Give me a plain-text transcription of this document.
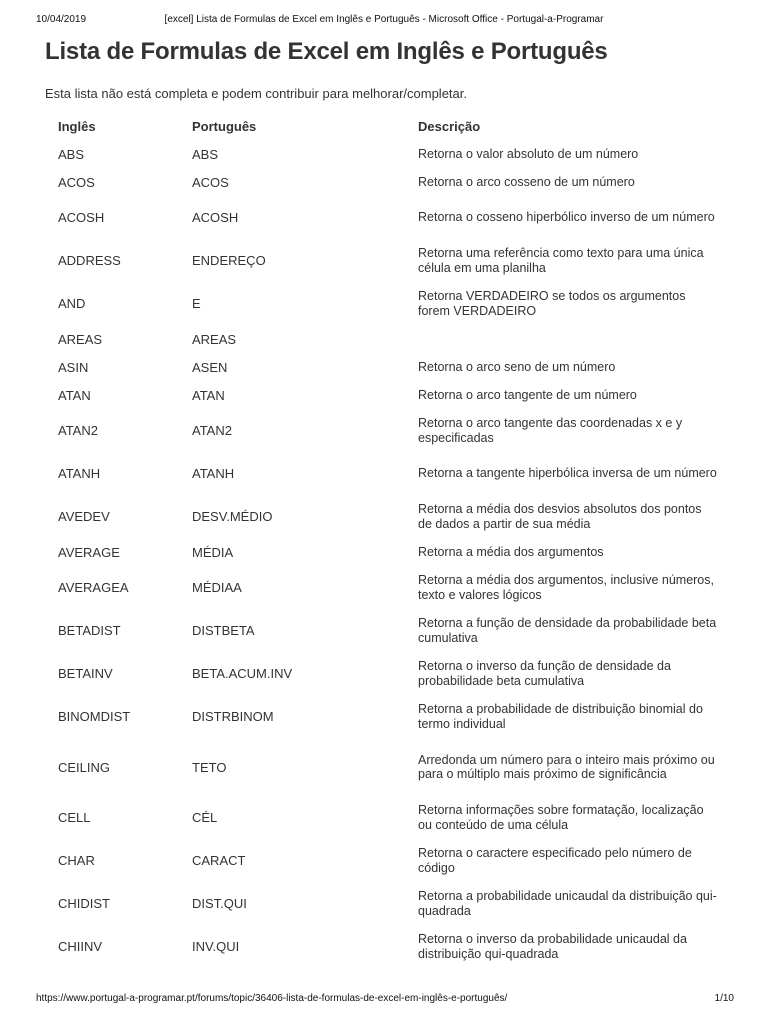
10/04/2019	[excel] Lista de Formulas de Excel em Inglês e Português - Microsoft Office - Portugal-a-Programar
Lista de Formulas de Excel em Inglês e Português
Esta lista não está completa e podem contribuir para melhorar/completar.
Inglês	Português	Descrição
ABS	ABS	Retorna o valor absoluto de um número
ACOS	ACOS	Retorna o arco cosseno de um número
ACOSH	ACOSH	Retorna o cosseno hiperbólico inverso de um número
ADDRESS	ENDEREÇO	Retorna uma referência como texto para uma única célula em uma planilha
AND	E	Retorna VERDADEIRO se todos os argumentos forem VERDADEIRO
AREAS	AREAS	
ASIN	ASEN	Retorna o arco seno de um número
ATAN	ATAN	Retorna o arco tangente de um número
ATAN2	ATAN2	Retorna o arco tangente das coordenadas x e y especificadas
ATANH	ATANH	Retorna a tangente hiperbólica inversa de um número
AVEDEV	DESV.MÉDIO	Retorna a média dos desvios absolutos dos pontos de dados a partir de sua média
AVERAGE	MÉDIA	Retorna a média dos argumentos
AVERAGEA	MÉDIAA	Retorna a média dos argumentos, inclusive números, texto e valores lógicos
BETADIST	DISTBETA	Retorna a função de densidade da probabilidade beta cumulativa
BETAINV	BETA.ACUM.INV	Retorna o inverso da função de densidade da probabilidade beta cumulativa
BINOMDIST	DISTRBINOM	Retorna a probabilidade de distribuição binomial do termo individual
CEILING	TETO	Arredonda um número para o inteiro mais próximo ou para o múltiplo mais próximo de significância
CELL	CÉL	Retorna informações sobre formatação, localização ou conteúdo de uma célula
CHAR	CARACT	Retorna o caractere especificado pelo número de código
CHIDIST	DIST.QUI	Retorna a probabilidade unicaudal da distribuição qui-quadrada
CHIINV	INV.QUI	Retorna o inverso da probabilidade unicaudal da distribuição qui-quadrada
https://www.portugal-a-programar.pt/forums/topic/36406-lista-de-formulas-de-excel-em-inglês-e-português/	1/10
